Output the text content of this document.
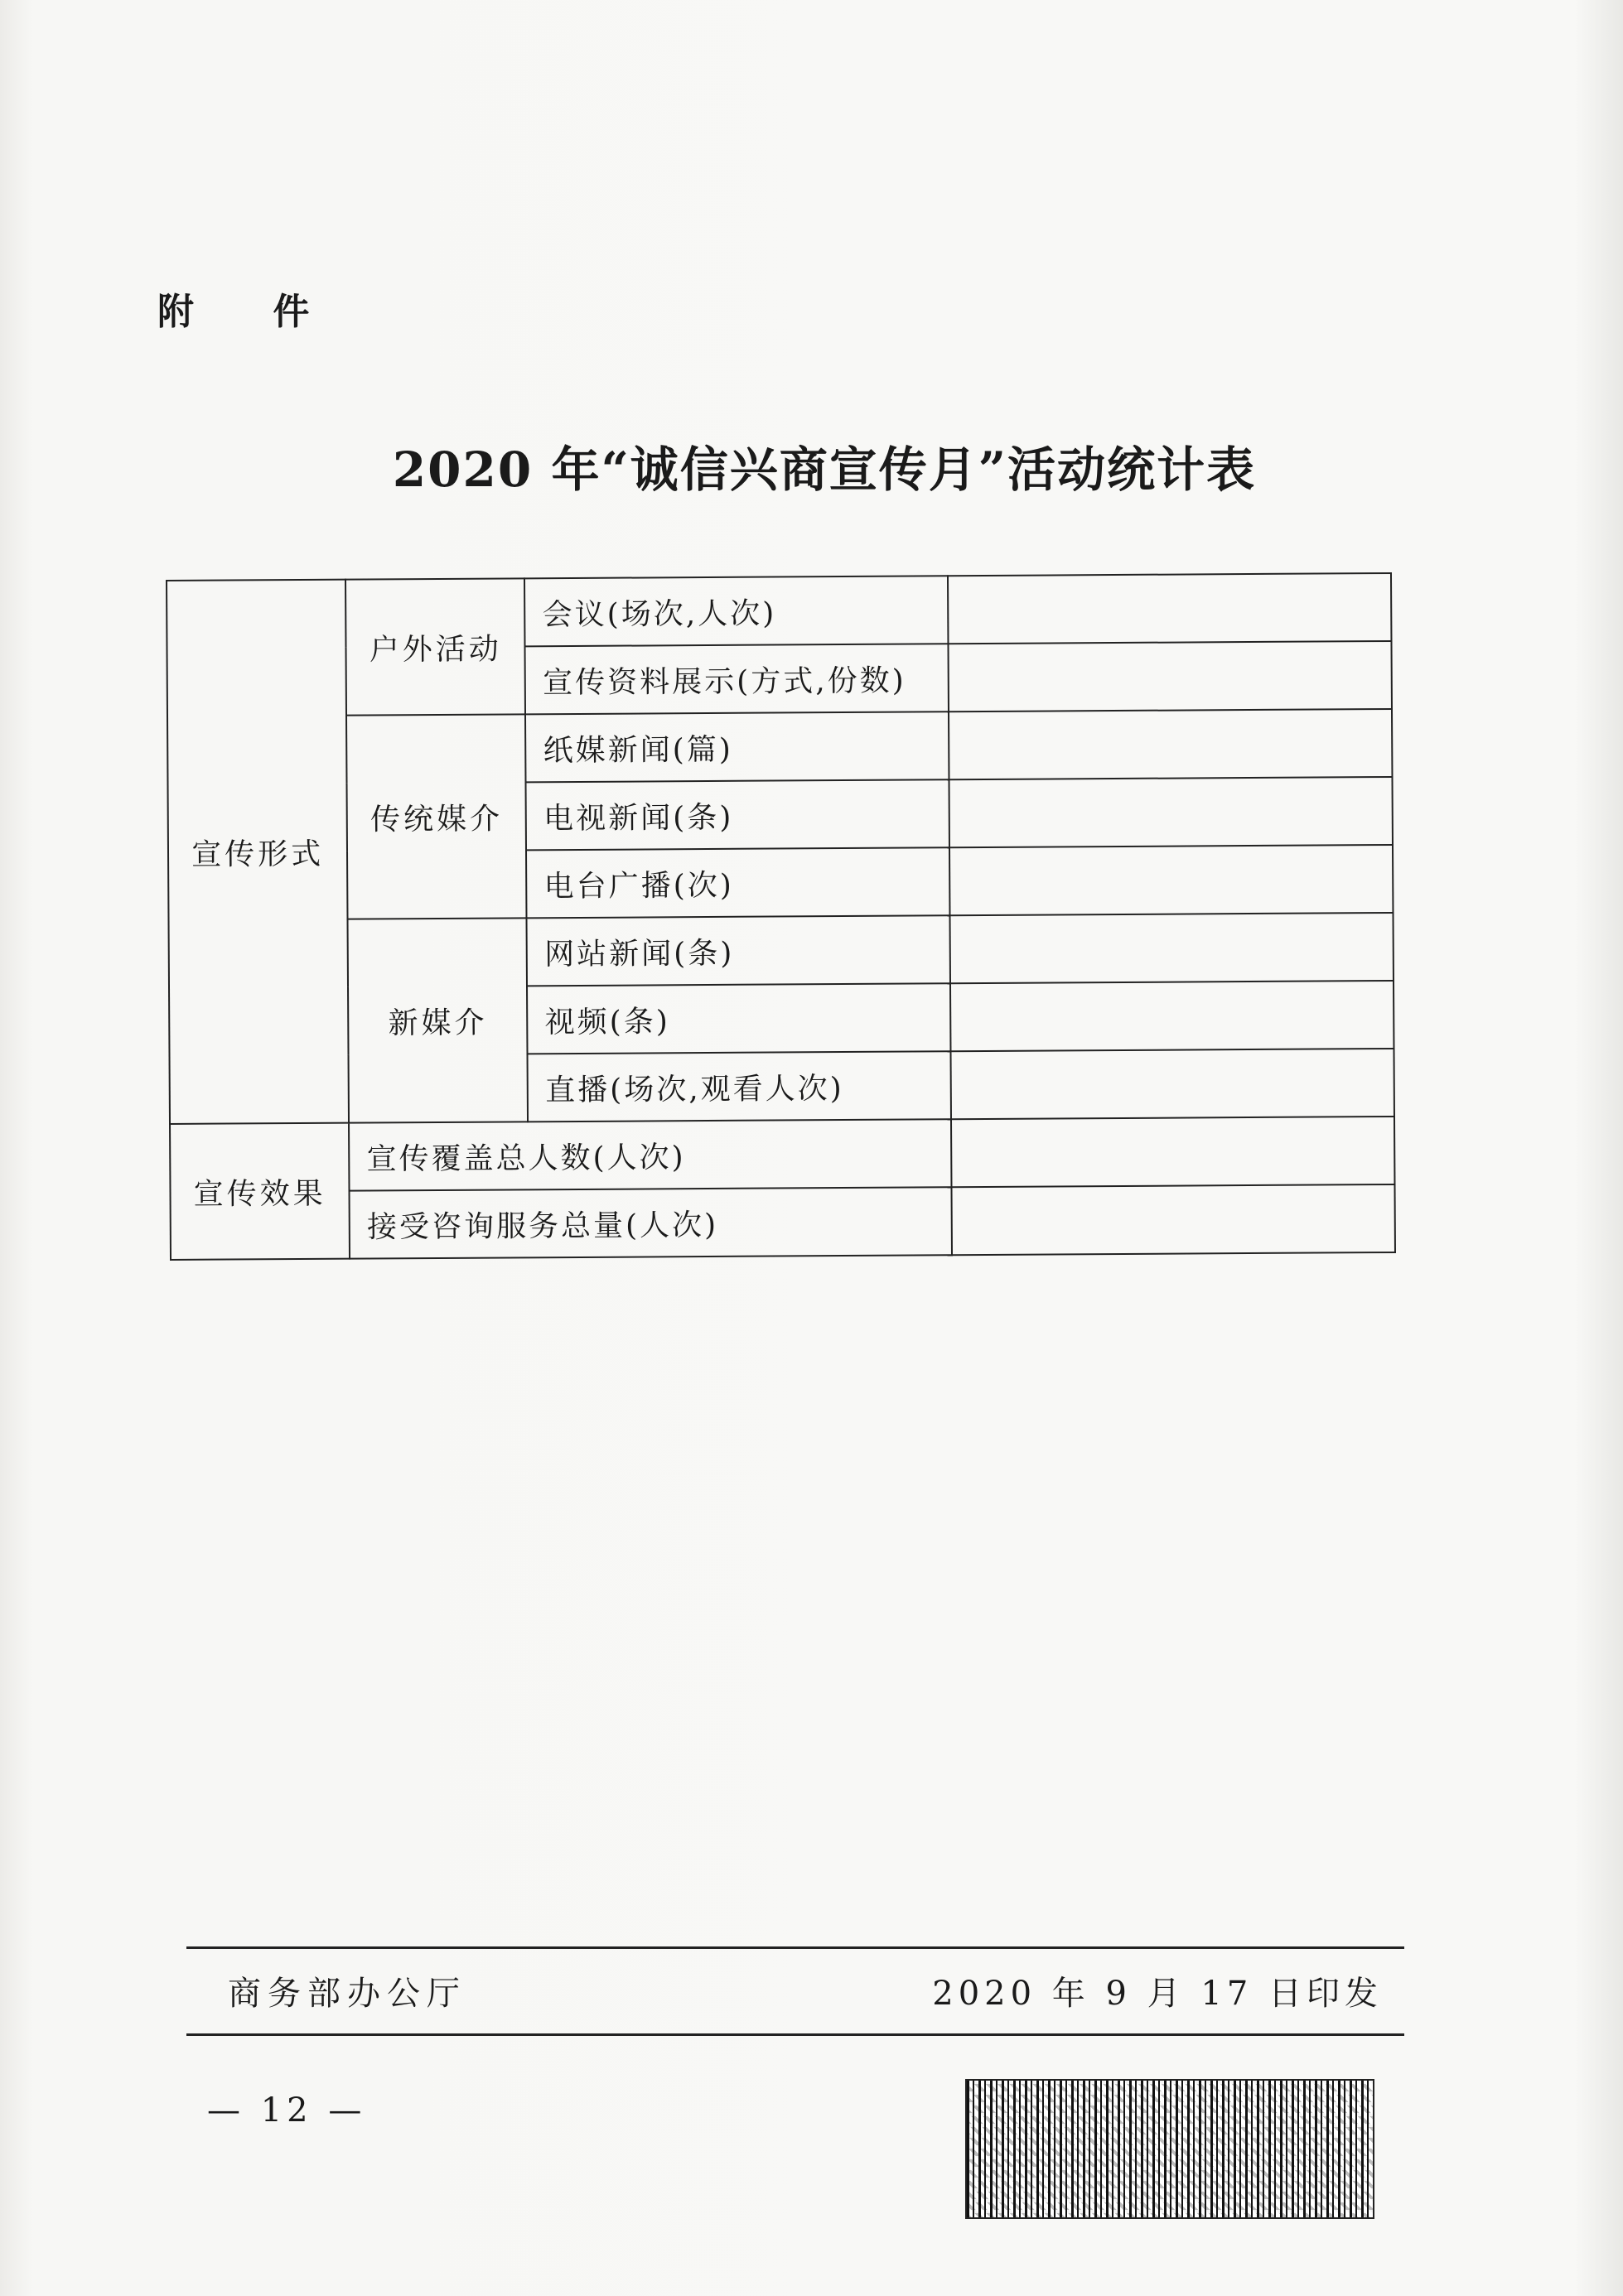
附 件
2020 年“诚信兴商宣传月”活动统计表
宣传形式	户外活动	会议(场次,人次)	
		宣传资料展示(方式,份数)	
	传统媒介	纸媒新闻(篇)	
		电视新闻(条)	
		电台广播(次)	
	新媒介	网站新闻(条)	
		视频(条)	
		直播(场次,观看人次)	
宣传效果	宣传覆盖总人数(人次)		
	接受咨询服务总量(人次)		
商务部办公厅	2020 年 9 月 17 日印发
— 12 —
